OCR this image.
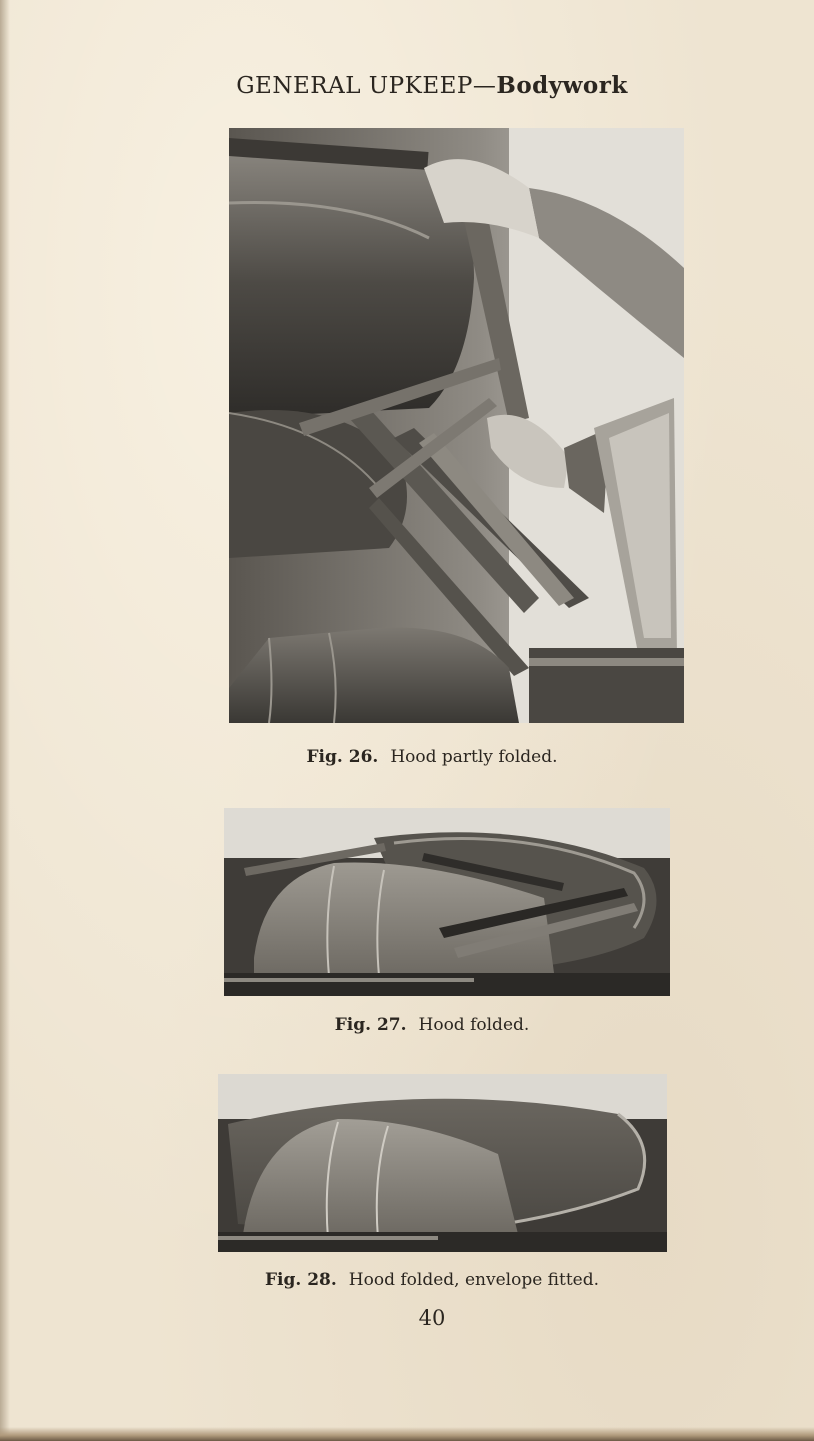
GENERAL UPKEEP—Bodywork
Fig. 26. Hood partly folded.
Fig. 27. Hood folded.
Fig. 28. Hood folded, envelope fitted.
40
